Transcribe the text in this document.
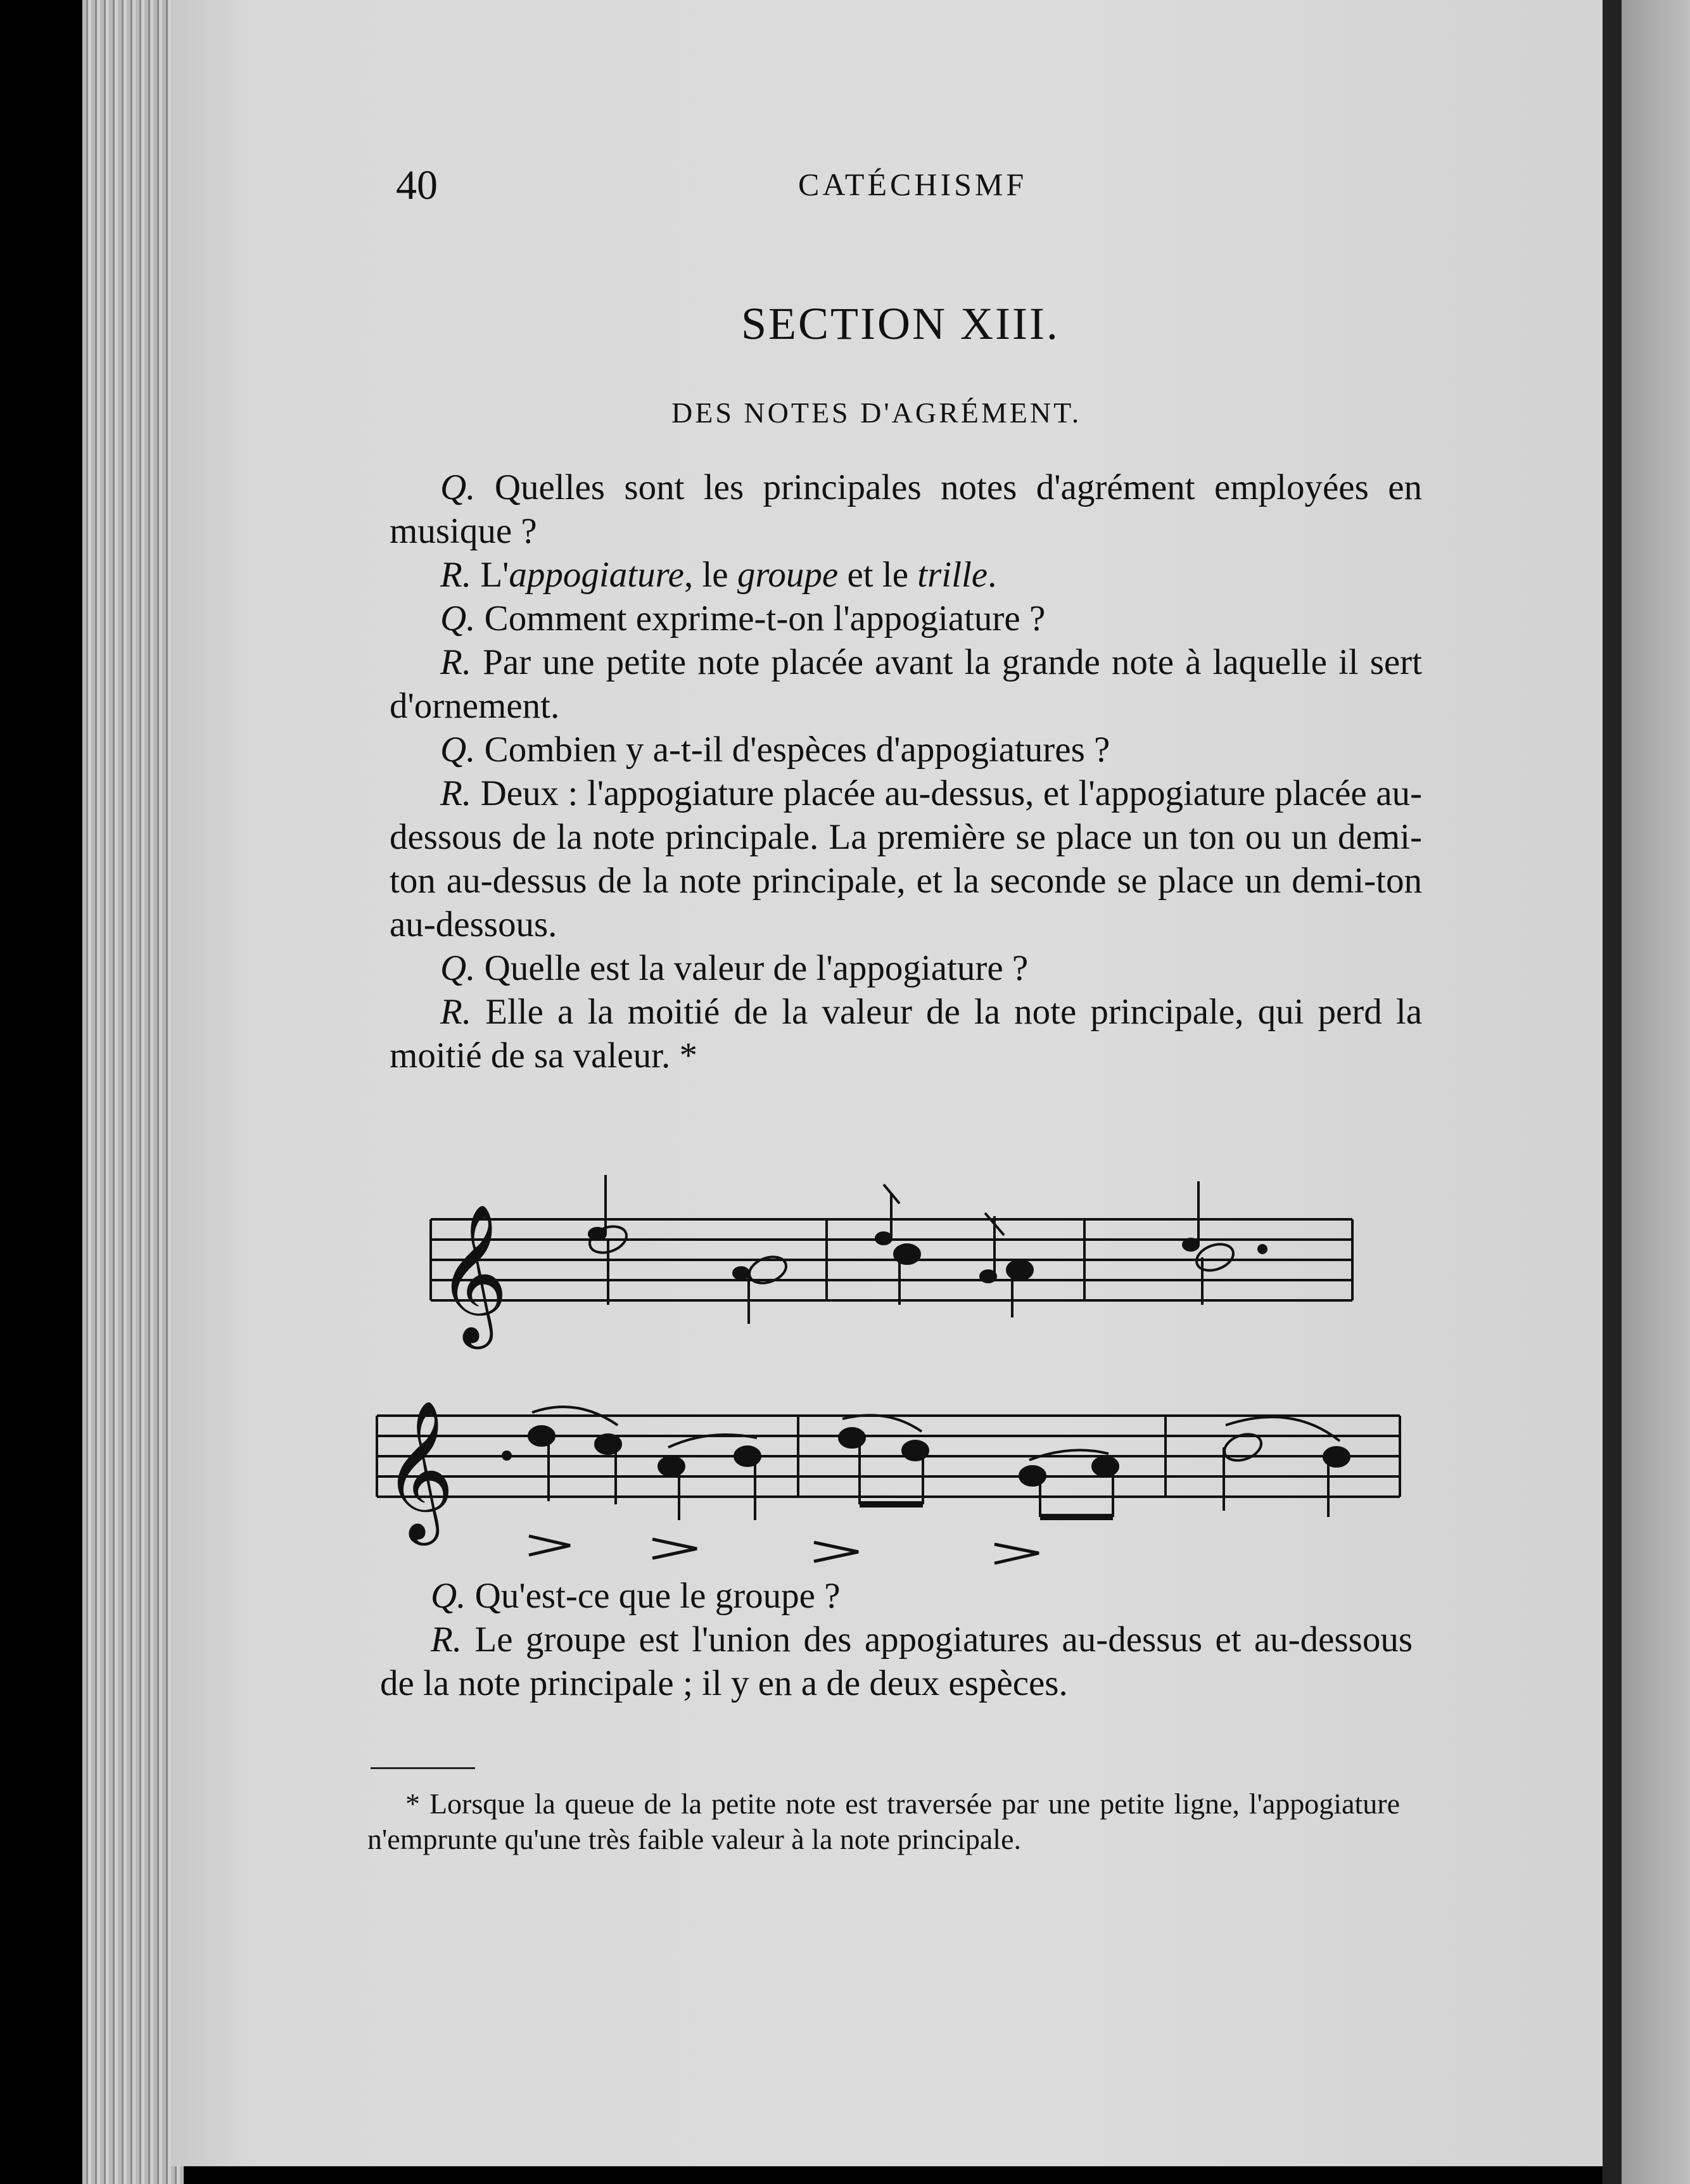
40	CATÉCHISMF
SECTION XIII.
DES NOTES D'AGRÉMENT.

Q. Quelles sont les principales notes d'agrément employées en musique ?

R. L'appogiature, le groupe et le trille.

Q. Comment exprime-t-on l'appogiature ?

R. Par une petite note placée avant la grande note à laquelle il sert d'ornement.

Q. Combien y a-t-il d'espèces d'appogiatures ?

R. Deux : l'appogiature placée au-dessus, et l'appogiature placée au-dessous de la note principale. La première se place un ton ou un demi-ton au-dessus de la note principale, et la seconde se place un demi-ton au-dessous.

Q. Quelle est la valeur de l'appogiature ?

R. Elle a la moitié de la valeur de la note principale, qui perd la moitié de sa valeur. *

𝄞
𝄞

Q. Qu'est-ce que le groupe ?

R. Le groupe est l'union des appogiatures au-dessus et au-dessous de la note principale ; il y en a de deux espèces.

* Lorsque la queue de la petite note est traversée par une petite ligne, l'appogiature n'emprunte qu'une très faible valeur à la note principale.
